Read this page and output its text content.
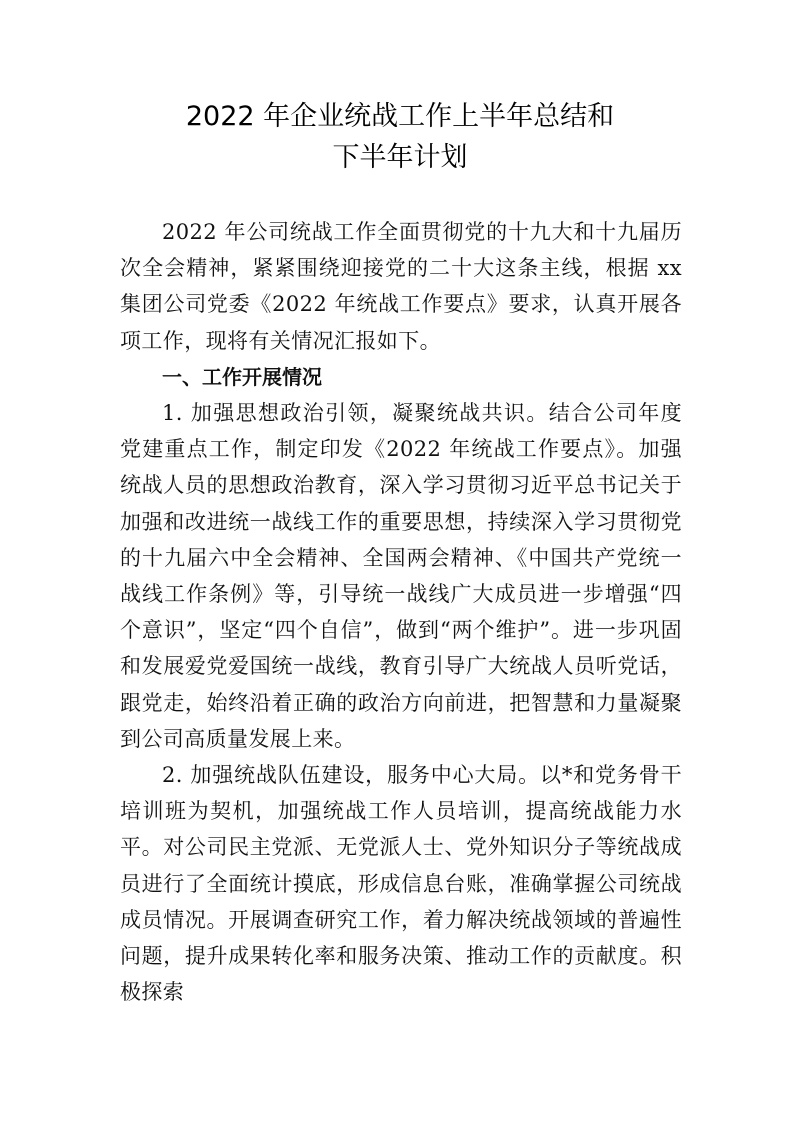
2022 年企业统战工作上半年总结和
下半年计划

2022 年公司统战工作全面贯彻党的十九大和十九届历次全会精神，紧紧围绕迎接党的二十大这条主线，根据 xx 集团公司党委《2022 年统战工作要点》要求，认真开展各项工作，现将有关情况汇报如下。

一、工作开展情况

1. 加强思想政治引领，凝聚统战共识。结合公司年度党建重点工作，制定印发《2022 年统战工作要点》。加强统战人员的思想政治教育，深入学习贯彻习近平总书记关于加强和改进统一战线工作的重要思想，持续深入学习贯彻党的十九届六中全会精神、全国两会精神、《中国共产党统一战线工作条例》等，引导统一战线广大成员进一步增强“四个意识”，坚定“四个自信”，做到“两个维护”。进一步巩固和发展爱党爱国统一战线，教育引导广大统战人员听党话，跟党走，始终沿着正确的政治方向前进，把智慧和力量凝聚到公司高质量发展上来。

2. 加强统战队伍建设，服务中心大局。以*和党务骨干培训班为契机，加强统战工作人员培训，提高统战能力水平。对公司民主党派、无党派人士、党外知识分子等统战成员进行了全面统计摸底，形成信息台账，准确掌握公司统战成员情况。开展调查研究工作，着力解决统战领域的普遍性问题，提升成果转化率和服务决策、推动工作的贡献度。积极探索
